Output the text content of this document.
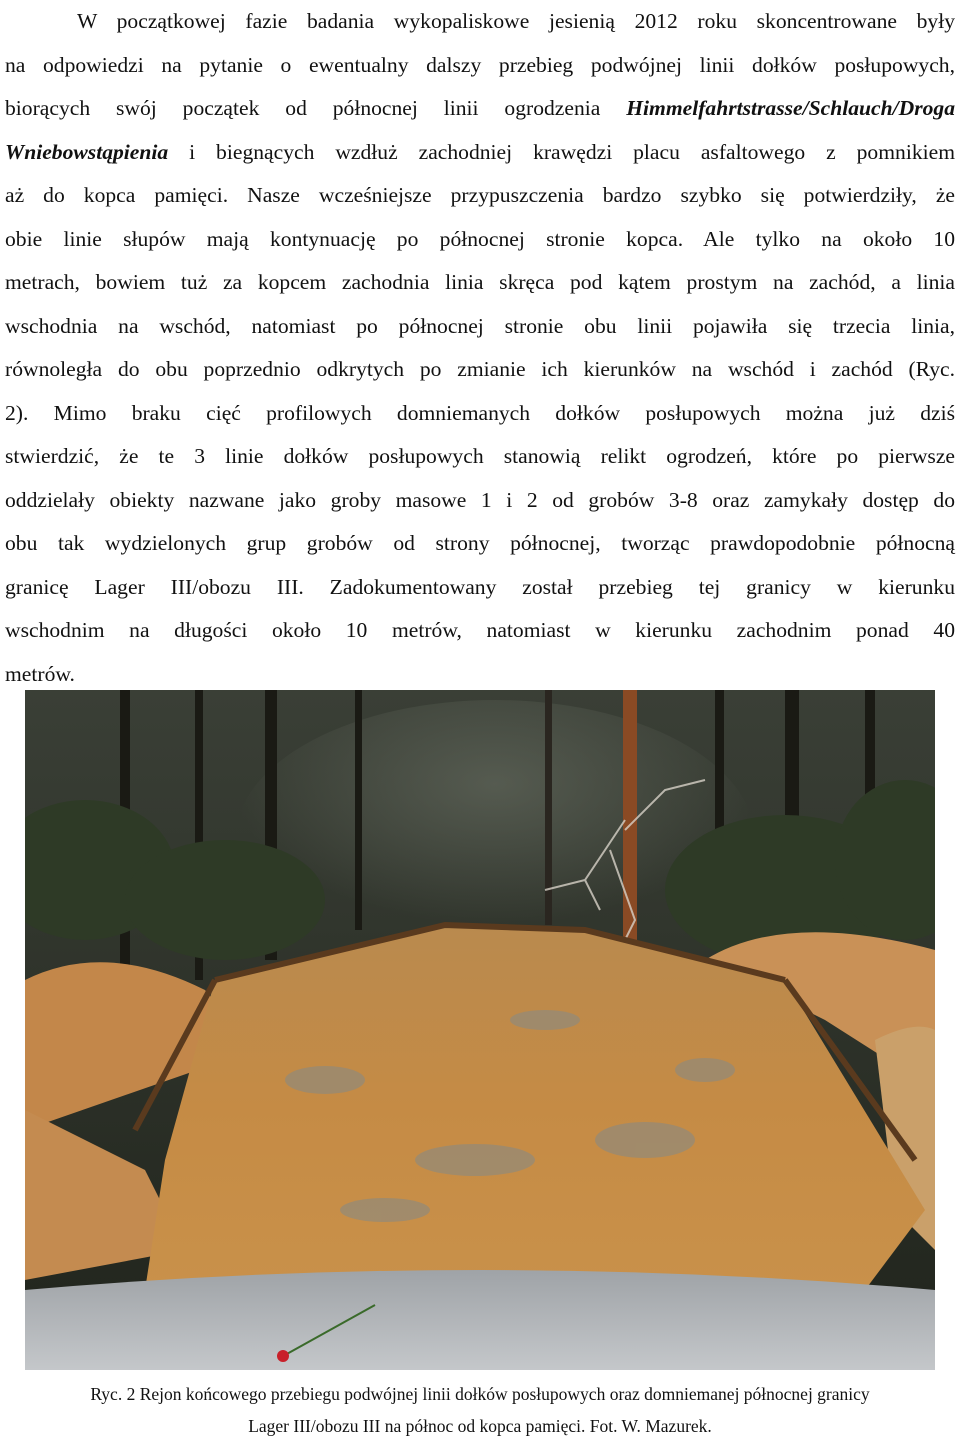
W początkowej fazie badania wykopaliskowe jesienią 2012 roku skoncentrowane były
na odpowiedzi na pytanie o ewentualny dalszy przebieg podwójnej linii dołków posłupowych,
biorących swój początek od północnej linii ogrodzenia Himmelfahrtstrasse/Schlauch/Droga
Wniebowstąpienia i biegnących wzdłuż zachodniej krawędzi placu asfaltowego z pomnikiem
aż do kopca pamięci. Nasze wcześniejsze przypuszczenia bardzo szybko się potwierdziły, że
obie linie słupów mają kontynuację po północnej stronie kopca. Ale tylko na około 10
metrach, bowiem tuż za kopcem zachodnia linia skręca pod kątem prostym na zachód, a linia
wschodnia na wschód, natomiast po północnej stronie obu linii pojawiła się trzecia linia,
równoległa do obu poprzednio odkrytych po zmianie ich kierunków na wschód i zachód (Ryc.
2). Mimo braku cięć profilowych domniemanych dołków posłupowych można już dziś
stwierdzić, że te 3 linie dołków posłupowych stanowią relikt ogrodzeń, które po pierwsze
oddzielały obiekty nazwane jako groby masowe 1 i 2 od grobów 3-8 oraz zamykały dostęp do
obu tak wydzielonych grup grobów od strony północnej, tworząc prawdopodobnie północną
granicę Lager III/obozu III. Zadokumentowany został przebieg tej granicy w kierunku
wschodnim na długości około 10 metrów, natomiast w kierunku zachodnim ponad 40
metrów.
Ryc. 2 Rejon końcowego przebiegu podwójnej linii dołków posłupowych oraz domniemanej północnej granicy
Lager III/obozu III na północ od kopca pamięci. Fot. W. Mazurek.
